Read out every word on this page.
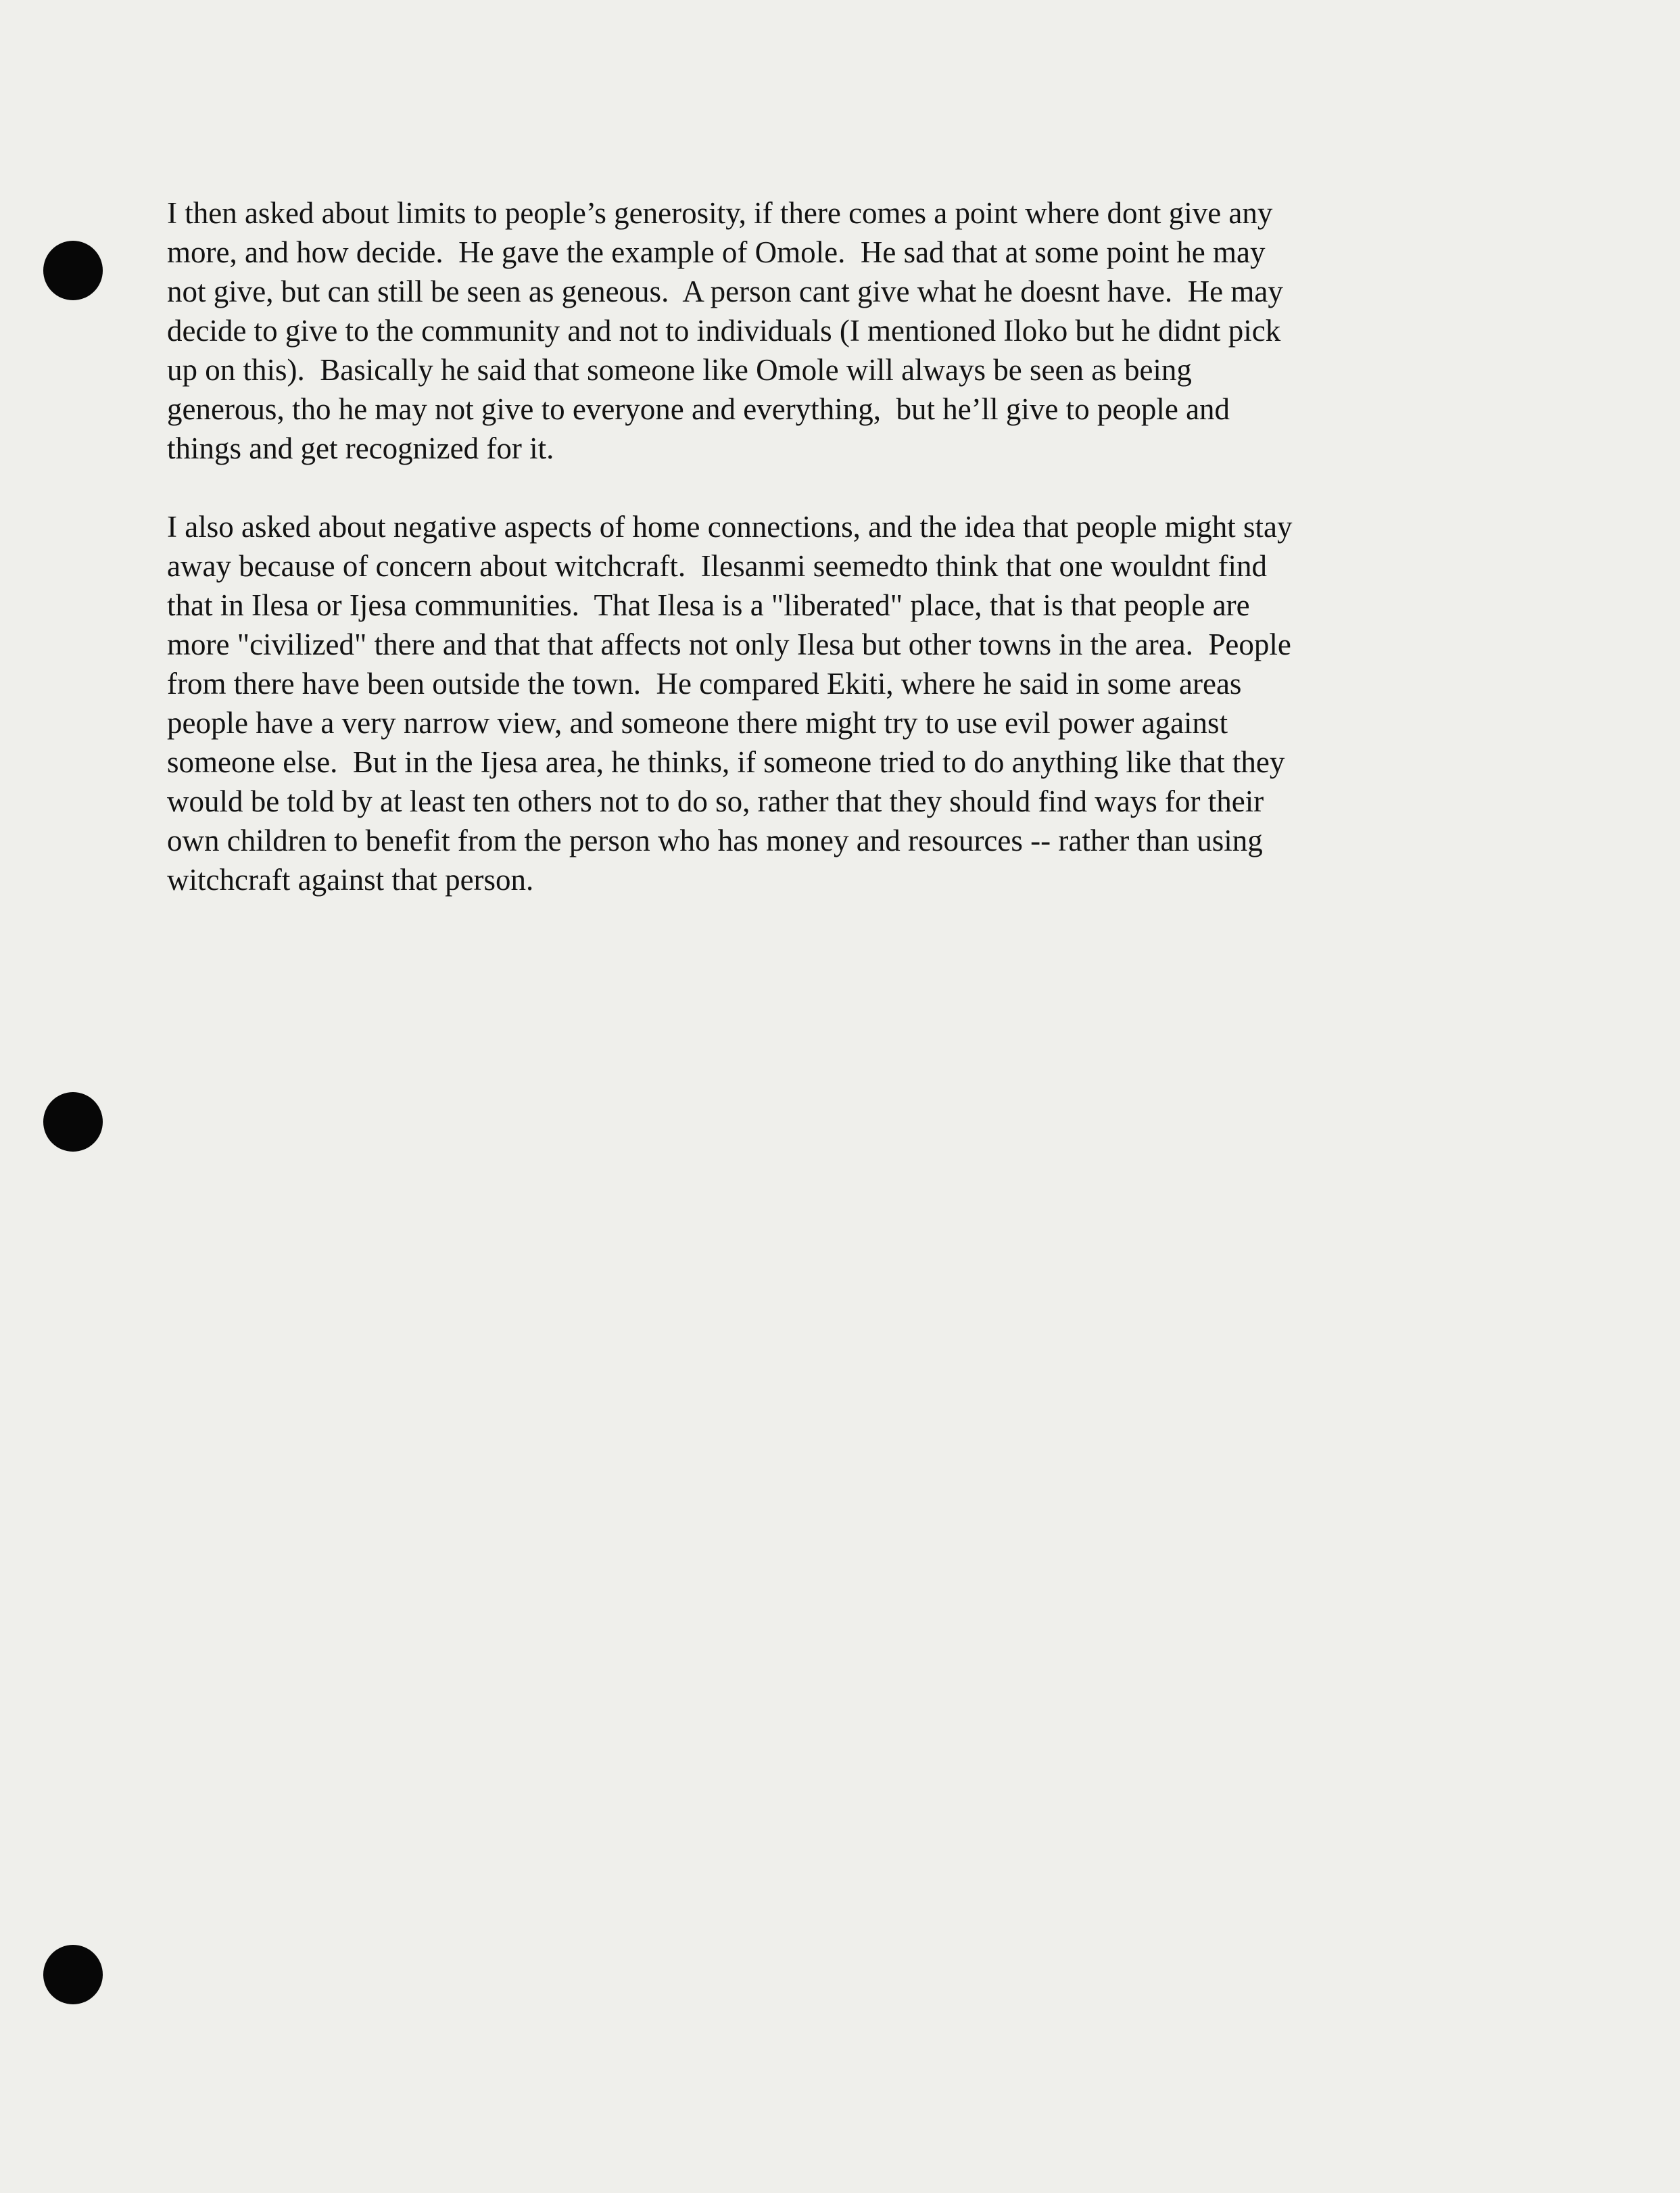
I then asked about limits to people’s generosity, if there comes a point where dont give any
more, and how decide.  He gave the example of Omole.  He sad that at some point he may
not give, but can still be seen as geneous.  A person cant give what he doesnt have.  He may
decide to give to the community and not to individuals (I mentioned Iloko but he didnt pick
up on this).  Basically he said that someone like Omole will always be seen as being
generous, tho he may not give to everyone and everything,  but he’ll give to people and
things and get recognized for it.
I also asked about negative aspects of home connections, and the idea that people might stay
away because of concern about witchcraft.  Ilesanmi seemedto think that one wouldnt find
that in Ilesa or Ijesa communities.  That Ilesa is a "liberated" place, that is that people are
more "civilized" there and that that affects not only Ilesa but other towns in the area.  People
from there have been outside the town.  He compared Ekiti, where he said in some areas
people have a very narrow view, and someone there might try to use evil power against
someone else.  But in the Ijesa area, he thinks, if someone tried to do anything like that they
would be told by at least ten others not to do so, rather that they should find ways for their
own children to benefit from the person who has money and resources -- rather than using
witchcraft against that person.
